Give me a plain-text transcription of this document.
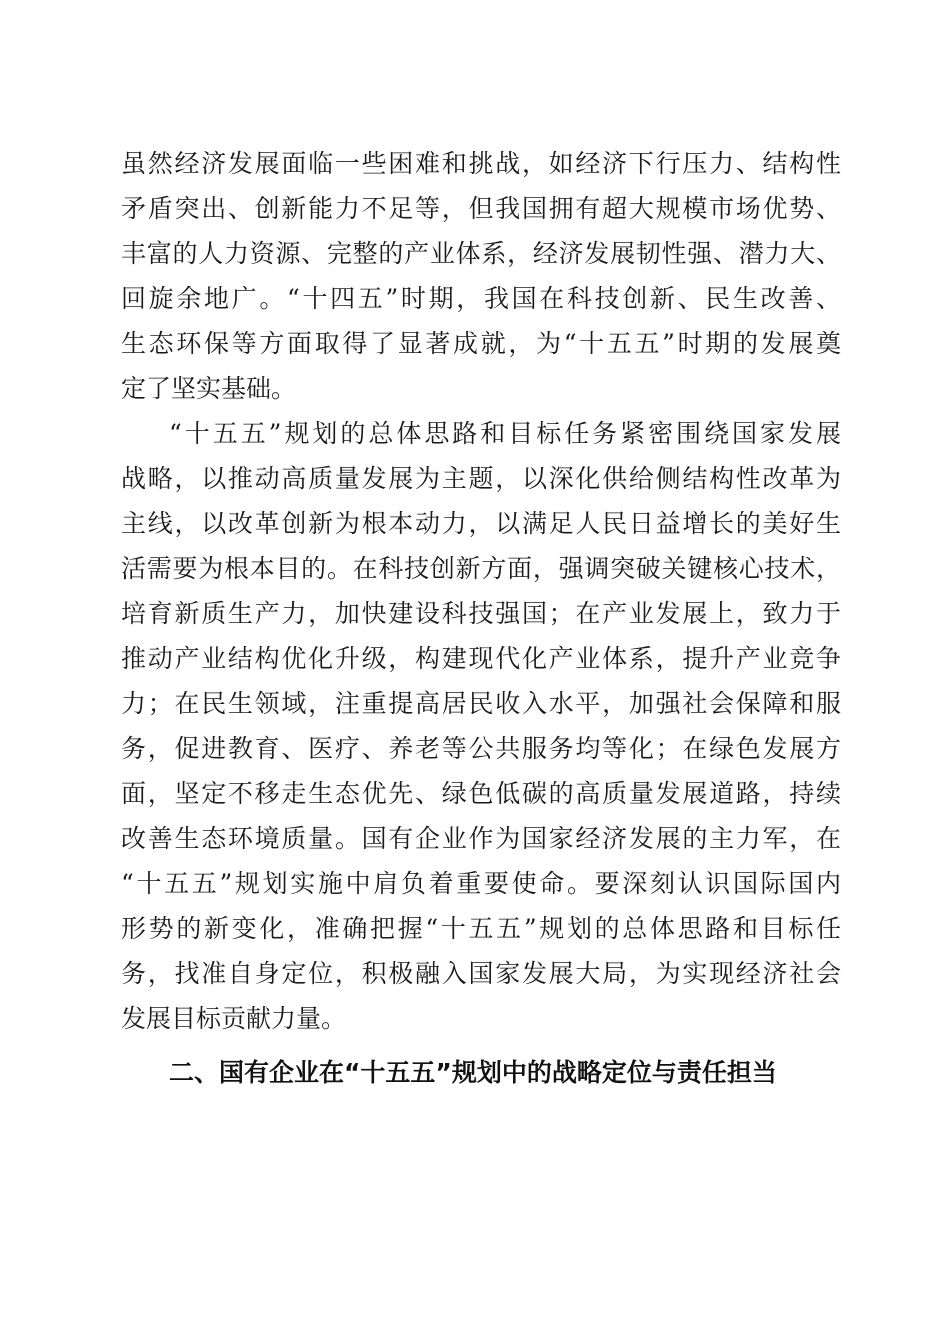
虽然经济发展面临一些困难和挑战，如经济下行压力、结构性
矛盾突出、创新能力不足等，但我国拥有超大规模市场优势、
丰富的人力资源、完整的产业体系，经济发展韧性强、潜力大、
回旋余地广。“十四五”时期，我国在科技创新、民生改善、
生态环保等方面取得了显著成就，为“十五五”时期的发展奠
定了坚实基础。
“十五五”规划的总体思路和目标任务紧密围绕国家发展
战略，以推动高质量发展为主题，以深化供给侧结构性改革为
主线，以改革创新为根本动力，以满足人民日益增长的美好生
活需要为根本目的。在科技创新方面，强调突破关键核心技术，
培育新质生产力，加快建设科技强国；在产业发展上，致力于
推动产业结构优化升级，构建现代化产业体系，提升产业竞争
力；在民生领域，注重提高居民收入水平，加强社会保障和服
务，促进教育、医疗、养老等公共服务均等化；在绿色发展方
面，坚定不移走生态优先、绿色低碳的高质量发展道路，持续
改善生态环境质量。国有企业作为国家经济发展的主力军，在
“十五五”规划实施中肩负着重要使命。要深刻认识国际国内
形势的新变化，准确把握“十五五”规划的总体思路和目标任
务，找准自身定位，积极融入国家发展大局，为实现经济社会
发展目标贡献力量。
二、国有企业在“十五五”规划中的战略定位与责任担当
